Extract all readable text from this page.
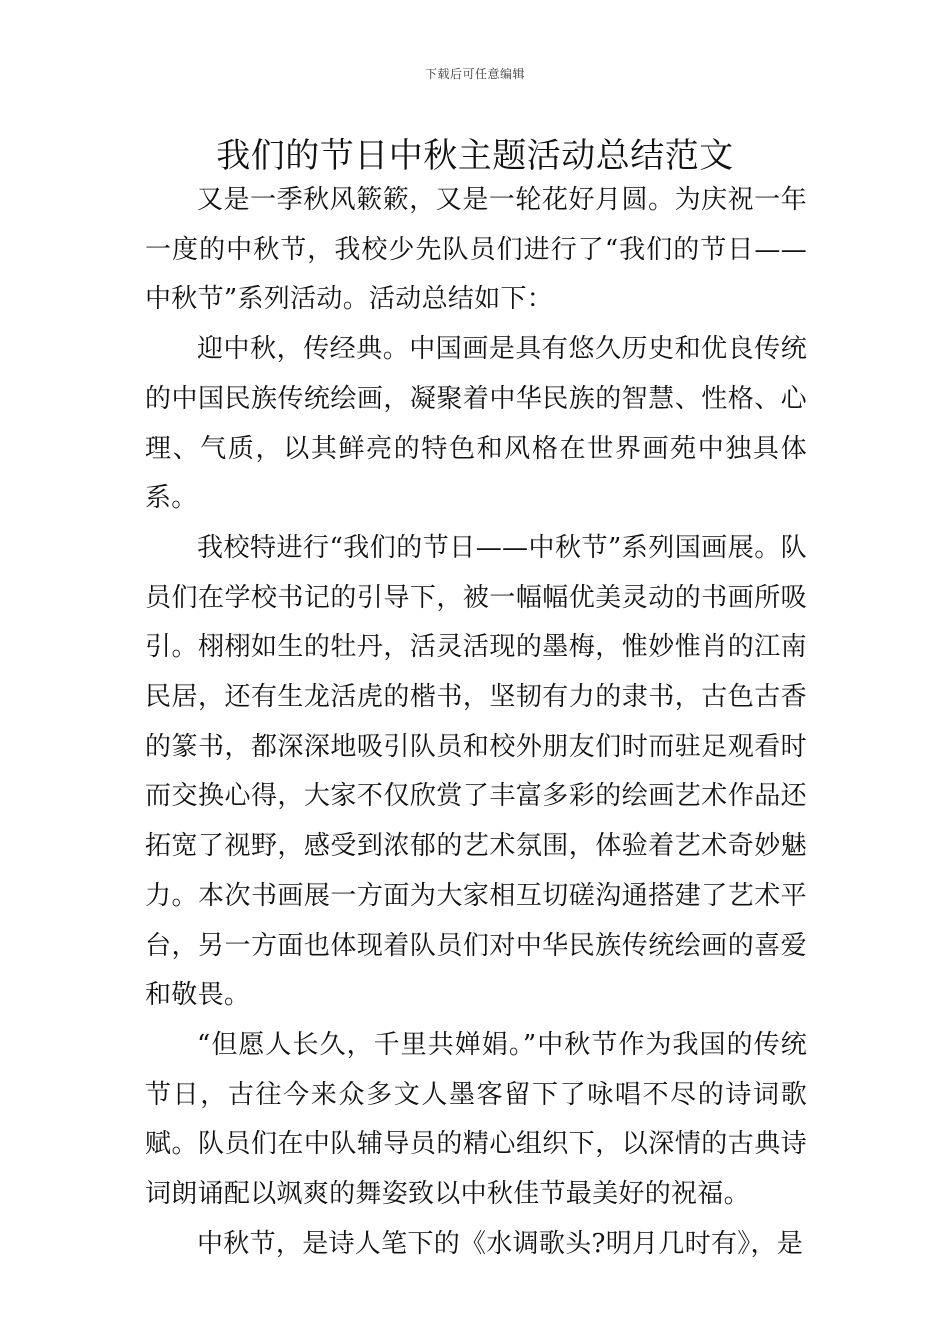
下载后可任意编辑
我们的节日中秋主题活动总结范文

又是一季秋风簌簌，又是一轮花好月圆。为庆祝一年一度的中秋节，我校少先队员们进行了“我们的节日——中秋节”系列活动。活动总结如下：

迎中秋，传经典。中国画是具有悠久历史和优良传统的中国民族传统绘画，凝聚着中华民族的智慧、性格、心理、气质，以其鲜亮的特色和风格在世界画苑中独具体系。

我校特进行“我们的节日——中秋节”系列国画展。队员们在学校书记的引导下，被一幅幅优美灵动的书画所吸引。栩栩如生的牡丹，活灵活现的墨梅，惟妙惟肖的江南民居，还有生龙活虎的楷书，坚韧有力的隶书，古色古香的篆书，都深深地吸引队员和校外朋友们时而驻足观看时而交换心得，大家不仅欣赏了丰富多彩的绘画艺术作品还拓宽了视野，感受到浓郁的艺术氛围，体验着艺术奇妙魅力。本次书画展一方面为大家相互切磋沟通搭建了艺术平台，另一方面也体现着队员们对中华民族传统绘画的喜爱和敬畏。

“但愿人长久，千里共婵娟。”中秋节作为我国的传统节日，古往今来众多文人墨客留下了咏唱不尽的诗词歌赋。队员们在中队辅导员的精心组织下，以深情的古典诗词朗诵配以飒爽的舞姿致以中秋佳节最美好的祝福。

中秋节，是诗人笔下的《水调歌头?明月几时有》，是
